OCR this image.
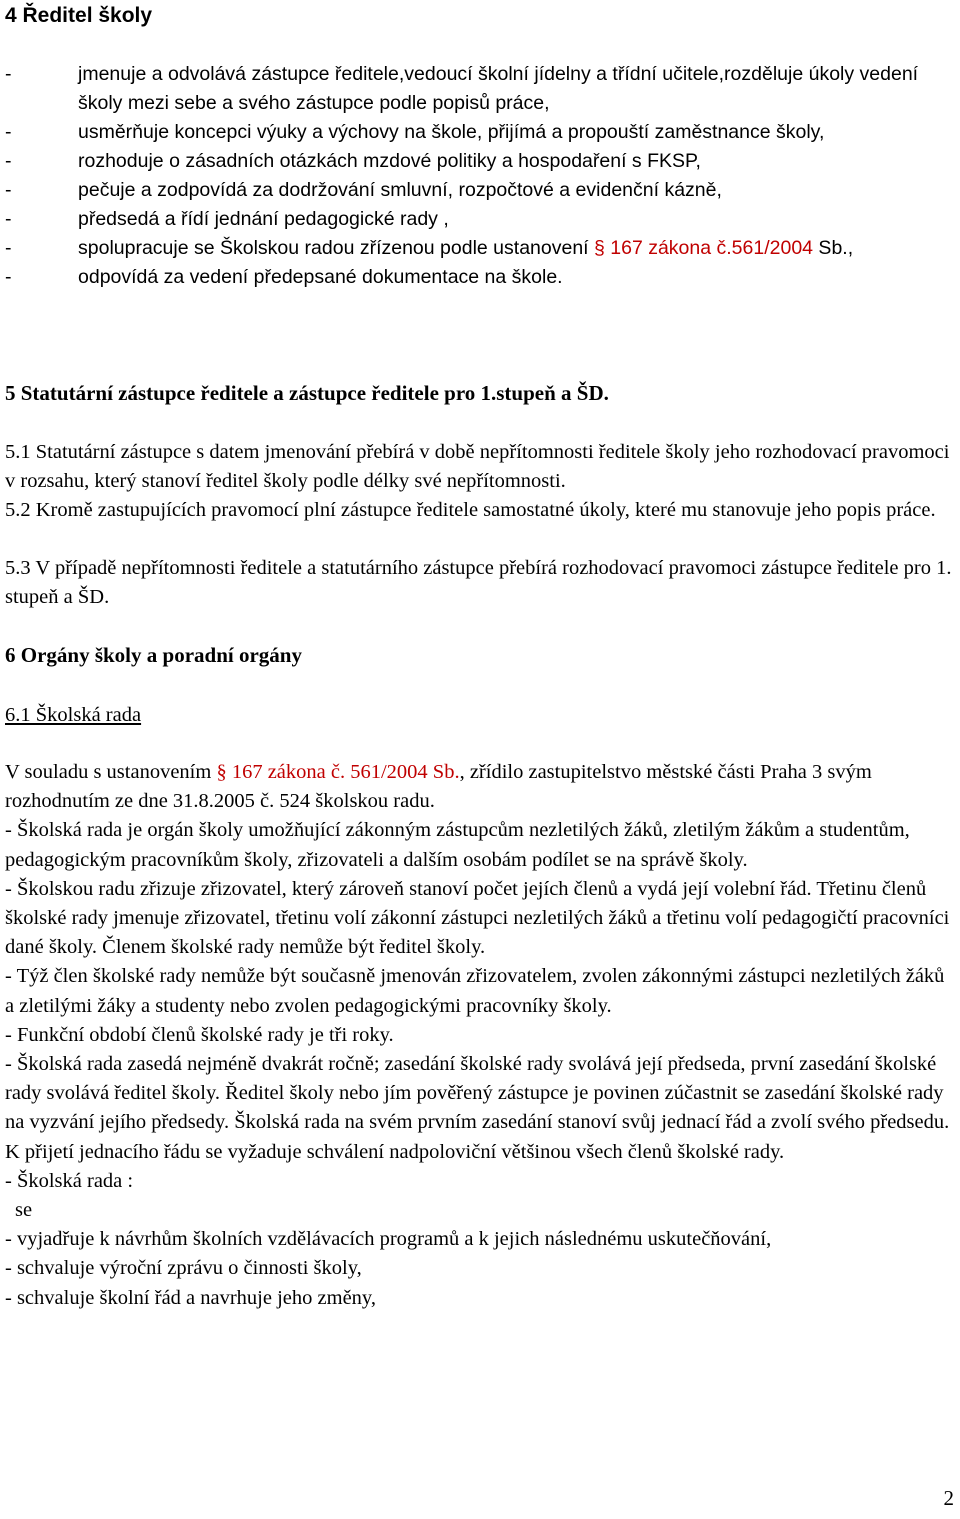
4 Ředitel školy
-	jmenuje a odvolává zástupce ředitele,vedoucí školní jídelny a třídní učitele,rozděluje úkoly vedení školy mezi sebe a svého zástupce podle popisů práce,
-	usměrňuje koncepci výuky a výchovy na škole, přijímá a propouští zaměstnance školy,
-	rozhoduje o zásadních otázkách mzdové politiky a hospodaření s FKSP,
-	pečuje a zodpovídá za dodržování smluvní, rozpočtové a evidenční kázně,
-	předsedá a řídí jednání pedagogické rady ,
-	spolupracuje se Školskou radou zřízenou podle ustanovení § 167 zákona č.561/2004 Sb.,
-	odpovídá za vedení předepsané dokumentace na škole.
5 Statutární zástupce ředitele a zástupce ředitele pro 1.stupeň a ŠD.
5.1 Statutární zástupce s datem jmenování přebírá v době nepřítomnosti ředitele školy jeho rozhodovací pravomoci v rozsahu, který stanoví ředitel školy podle délky své nepřítomnosti.
5.2 Kromě zastupujících pravomocí plní zástupce ředitele samostatné úkoly, které mu stanovuje jeho popis práce.
5.3 V případě nepřítomnosti ředitele a statutárního zástupce přebírá rozhodovací pravomoci zástupce ředitele pro 1. stupeň a ŠD.
6 Orgány školy a poradní orgány
6.1 Školská rada
V souladu s ustanovením § 167 zákona č. 561/2004 Sb., zřídilo zastupitelstvo městské části Praha 3 svým rozhodnutím ze dne 31.8.2005 č. 524 školskou radu.
- Školská rada je orgán školy umožňující zákonným zástupcům nezletilých žáků, zletilým žákům a studentům, pedagogickým pracovníkům školy, zřizovateli a dalším osobám podílet se na správě školy.
- Školskou radu zřizuje zřizovatel, který zároveň stanoví počet jejích členů a vydá její volební řád. Třetinu členů školské rady jmenuje zřizovatel, třetinu volí zákonní zástupci nezletilých žáků a třetinu volí pedagogičtí pracovníci dané školy. Členem školské rady nemůže být ředitel školy.
- Týž člen školské rady nemůže být současně jmenován zřizovatelem, zvolen zákonnými zástupci nezletilých žáků a zletilými žáky a studenty nebo zvolen pedagogickými pracovníky školy.
- Funkční období členů školské rady je tři roky.
- Školská rada zasedá nejméně dvakrát ročně; zasedání školské rady svolává její předseda, první zasedání školské rady svolává ředitel školy. Ředitel školy nebo jím pověřený zástupce je povinen zúčastnit se zasedání školské rady na vyzvání jejího předsedy. Školská rada na svém prvním zasedání stanoví svůj jednací řád a zvolí svého předsedu. K přijetí jednacího řádu se vyžaduje schválení nadpoloviční většinou všech členů školské rady.
- Školská rada :
se
- vyjadřuje k návrhům školních vzdělávacích programů a k jejich následnému uskutečňování,
- schvaluje výroční zprávu o činnosti školy,
- schvaluje školní řád a navrhuje jeho změny,
2
